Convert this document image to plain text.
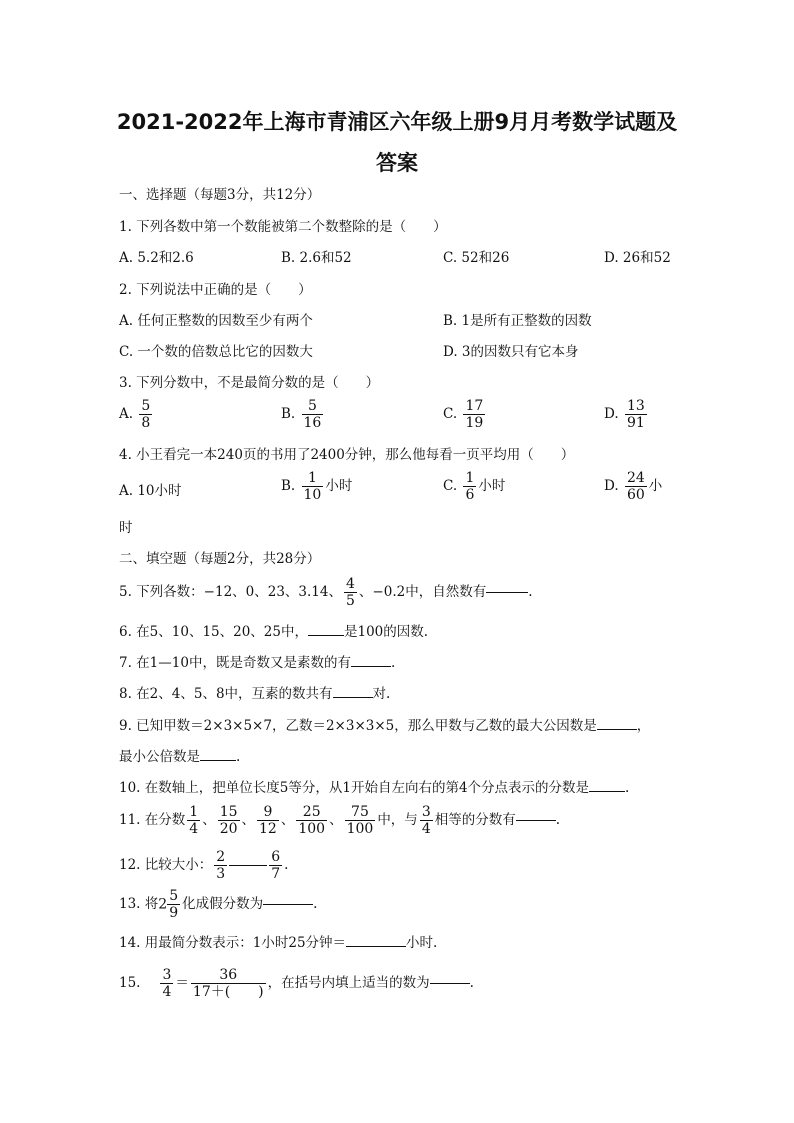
2021-2022年上海市青浦区六年级上册9月月考数学试题及
答案
一、选择题（每题3分，共12分）
1. 下列各数中第一个数能被第二个数整除的是（　　）
A. 5.2和2.6	B. 2.6和52	C. 52和26	D. 26和52
2. 下列说法中正确的是（　　）
A. 任何正整数的因数至少有两个	B. 1是所有正整数的因数
C. 一个数的倍数总比它的因数大	D. 3的因数只有它本身
3. 下列分数中，不是最简分数的是（　　）
A. $\frac{5}{8}$	B. $\frac{5}{16}$	C. $\frac{17}{19}$	D. $\frac{13}{91}$
4. 小王看完一本240页的书用了2400分钟，那么他每看一页平均用（　　）
A. 10小时	B. $\frac{1}{10}$ 小时	C. $\frac{1}{6}$ 小时	D. $\frac{24}{60}$ 小
时
二、填空题（每题2分，共28分）
5. 下列各数：−12、0、23、3.14、 $\frac{4}{5}$ 、−0.2中，自然数有	.
6. 在5、10、15、20、25中，	是100的因数.
7. 在1—10中，既是奇数又是素数的有	.
8. 在2、4、5、8中，互素的数共有	对.
9. 已知甲数＝2×3×5×7，乙数＝2×3×3×5，那么甲数与乙数的最大公因数是	，
最小公倍数是	.
10. 在数轴上，把单位长度5等分，从1开始自左向右的第4个分点表示的分数是	.
11. 在分数 $\frac{1}{4}$ 、 $\frac{15}{20}$ 、 $\frac{9}{12}$ 、 $\frac{25}{100}$ 、 $\frac{75}{100}$ 中，与 $\frac{3}{4}$ 相等的分数有	.
12. 比较大小： $\frac{2}{3}$	$\frac{6}{7}$ .
13. 将$2 \frac{5}{9}$ 化成假分数为	.
14. 用最简分数表示：1小时25分钟＝	小时.
15. $\frac{3}{4} = \frac{36}{17+( )}$ ，在括号内填上适当的数为	.
